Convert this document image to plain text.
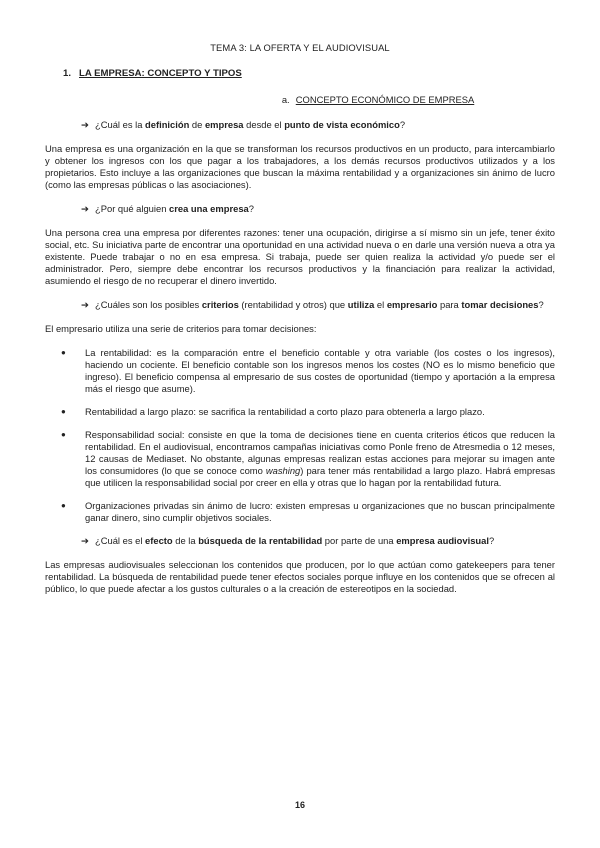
TEMA 3: LA OFERTA Y EL AUDIOVISUAL
1. LA EMPRESA: CONCEPTO Y TIPOS
a. CONCEPTO ECONÓMICO DE EMPRESA
➔ ¿Cuál es la definición de empresa desde el punto de vista económico?
Una empresa es una organización en la que se transforman los recursos productivos en un producto, para intercambiarlo y obtener los ingresos con los que pagar a los trabajadores, a los demás recursos productivos utilizados y a los propietarios. Esto incluye a las organizaciones que buscan la máxima rentabilidad y a organizaciones sin ánimo de lucro (como las empresas públicas o las asociaciones).
➔ ¿Por qué alguien crea una empresa?
Una persona crea una empresa por diferentes razones: tener una ocupación, dirigirse a sí mismo sin un jefe, tener éxito social, etc. Su iniciativa parte de encontrar una oportunidad en una actividad nueva o en darle una versión nueva a otra ya existente. Puede trabajar o no en esa empresa. Si trabaja, puede ser quien realiza la actividad y/o puede ser el administrador. Pero, siempre debe encontrar los recursos productivos y la financiación para realizar la actividad, asumiendo el riesgo de no recuperar el dinero invertido.
➔ ¿Cuáles son los posibles criterios (rentabilidad y otros) que utiliza el empresario para tomar decisiones?
El empresario utiliza una serie de criterios para tomar decisiones:
●	La rentabilidad: es la comparación entre el beneficio contable y otra variable (los costes o los ingresos), haciendo un cociente. El beneficio contable son los ingresos menos los costes (NO es lo mismo beneficio que ingreso). El beneficio compensa al empresario de sus costes de oportunidad (tiempo y aportación a la empresa más el riesgo que asume).
●	Rentabilidad a largo plazo: se sacrifica la rentabilidad a corto plazo para obtenerla a largo plazo.
●	Responsabilidad social: consiste en que la toma de decisiones tiene en cuenta criterios éticos que reducen la rentabilidad. En el audiovisual, encontramos campañas iniciativas como Ponle freno de Atresmedia o 12 meses, 12 causas de Mediaset. No obstante, algunas empresas realizan estas acciones para mejorar su imagen ante los consumidores (lo que se conoce como washing) para tener más rentabilidad a largo plazo. Habrá empresas que utilicen la responsabilidad social por creer en ella y otras que lo hagan por la rentabilidad futura.
●	Organizaciones privadas sin ánimo de lucro: existen empresas u organizaciones que no buscan principalmente ganar dinero, sino cumplir objetivos sociales.
➔ ¿Cuál es el efecto de la búsqueda de la rentabilidad por parte de una empresa audiovisual?
Las empresas audiovisuales seleccionan los contenidos que producen, por lo que actúan como gatekeepers para tener rentabilidad. La búsqueda de rentabilidad puede tener efectos sociales porque influye en los contenidos que se ofrecen al público, lo que puede afectar a los gustos culturales o a la creación de estereotipos en la sociedad.
16
